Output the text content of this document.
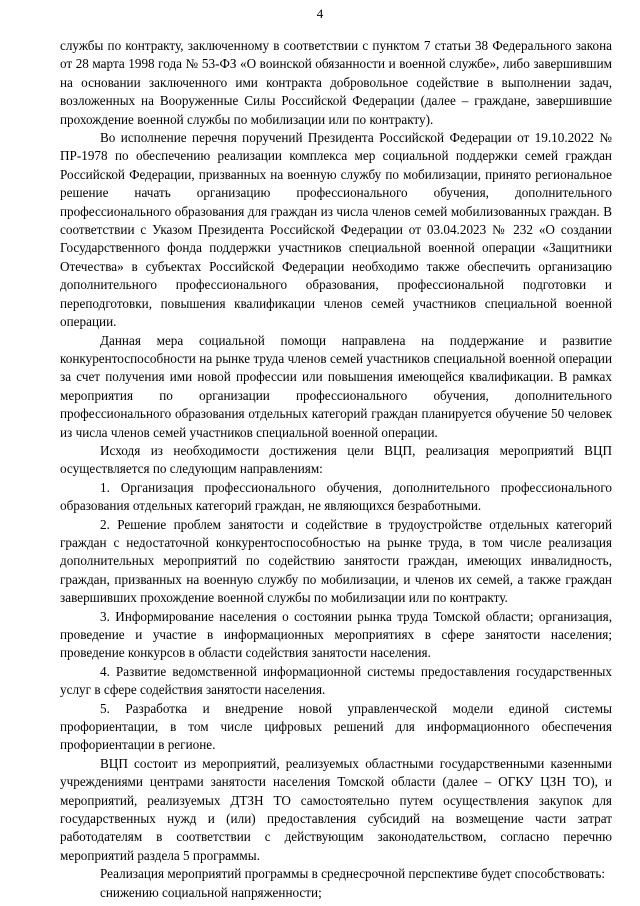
4

службы по контракту, заключенному в соответствии с пунктом 7 статьи 38 Федерального закона от 28 марта 1998 года № 53-ФЗ «О воинской обязанности и военной службе», либо завершившим на основании заключенного ими контракта добровольное содействие в выполнении задач, возложенных на Вооруженные Силы Российской Федерации (далее – граждане, завершившие прохождение военной службы по мобилизации или по контракту).

Во исполнение перечня поручений Президента Российской Федерации от 19.10.2022 № ПР-1978 по обеспечению реализации комплекса мер социальной поддержки семей граждан Российской Федерации, призванных на военную службу по мобилизации, принято региональное решение начать организацию профессионального обучения, дополнительного профессионального образования для граждан из числа членов семей мобилизованных граждан. В соответствии с Указом Президента Российской Федерации от 03.04.2023 № 232 «О создании Государственного фонда поддержки участников специальной военной операции «Защитники Отечества» в субъектах Российской Федерации необходимо также обеспечить организацию дополнительного профессионального образования, профессиональной подготовки и переподготовки, повышения квалификации членов семей участников специальной военной операции.

Данная мера социальной помощи направлена на поддержание и развитие конкурентоспособности на рынке труда членов семей участников специальной военной операции за счет получения ими новой профессии или повышения имеющейся квалификации. В рамках мероприятия по организации профессионального обучения, дополнительного профессионального образования отдельных категорий граждан планируется обучение 50 человек из числа членов семей участников специальной военной операции.

Исходя из необходимости достижения цели ВЦП, реализация мероприятий ВЦП осуществляется по следующим направлениям:

1. Организация профессионального обучения, дополнительного профессионального образования отдельных категорий граждан, не являющихся безработными.

2. Решение проблем занятости и содействие в трудоустройстве отдельных категорий граждан с недостаточной конкурентоспособностью на рынке труда, в том числе реализация дополнительных мероприятий по содействию занятости граждан, имеющих инвалидность, граждан, призванных на военную службу по мобилизации, и членов их семей, а также граждан завершивших прохождение военной службы по мобилизации или по контракту.

3. Информирование населения о состоянии рынка труда Томской области; организация, проведение и участие в информационных мероприятиях в сфере занятости населения; проведение конкурсов в области содействия занятости населения.

4. Развитие ведомственной информационной системы предоставления государственных услуг в сфере содействия занятости населения.

5. Разработка и внедрение новой управленческой модели единой системы профориентации, в том числе цифровых решений для информационного обеспечения профориентации в регионе.

ВЦП состоит из мероприятий, реализуемых областными государственными казенными учреждениями центрами занятости населения Томской области (далее – ОГКУ ЦЗН ТО), и мероприятий, реализуемых ДТЗН ТО самостоятельно путем осуществления закупок для государственных нужд и (или) предоставления субсидий на возмещение части затрат работодателям в соответствии с действующим законодательством, согласно перечню мероприятий раздела 5 программы.

Реализация мероприятий программы в среднесрочной перспективе будет способствовать:

снижению социальной напряженности;
